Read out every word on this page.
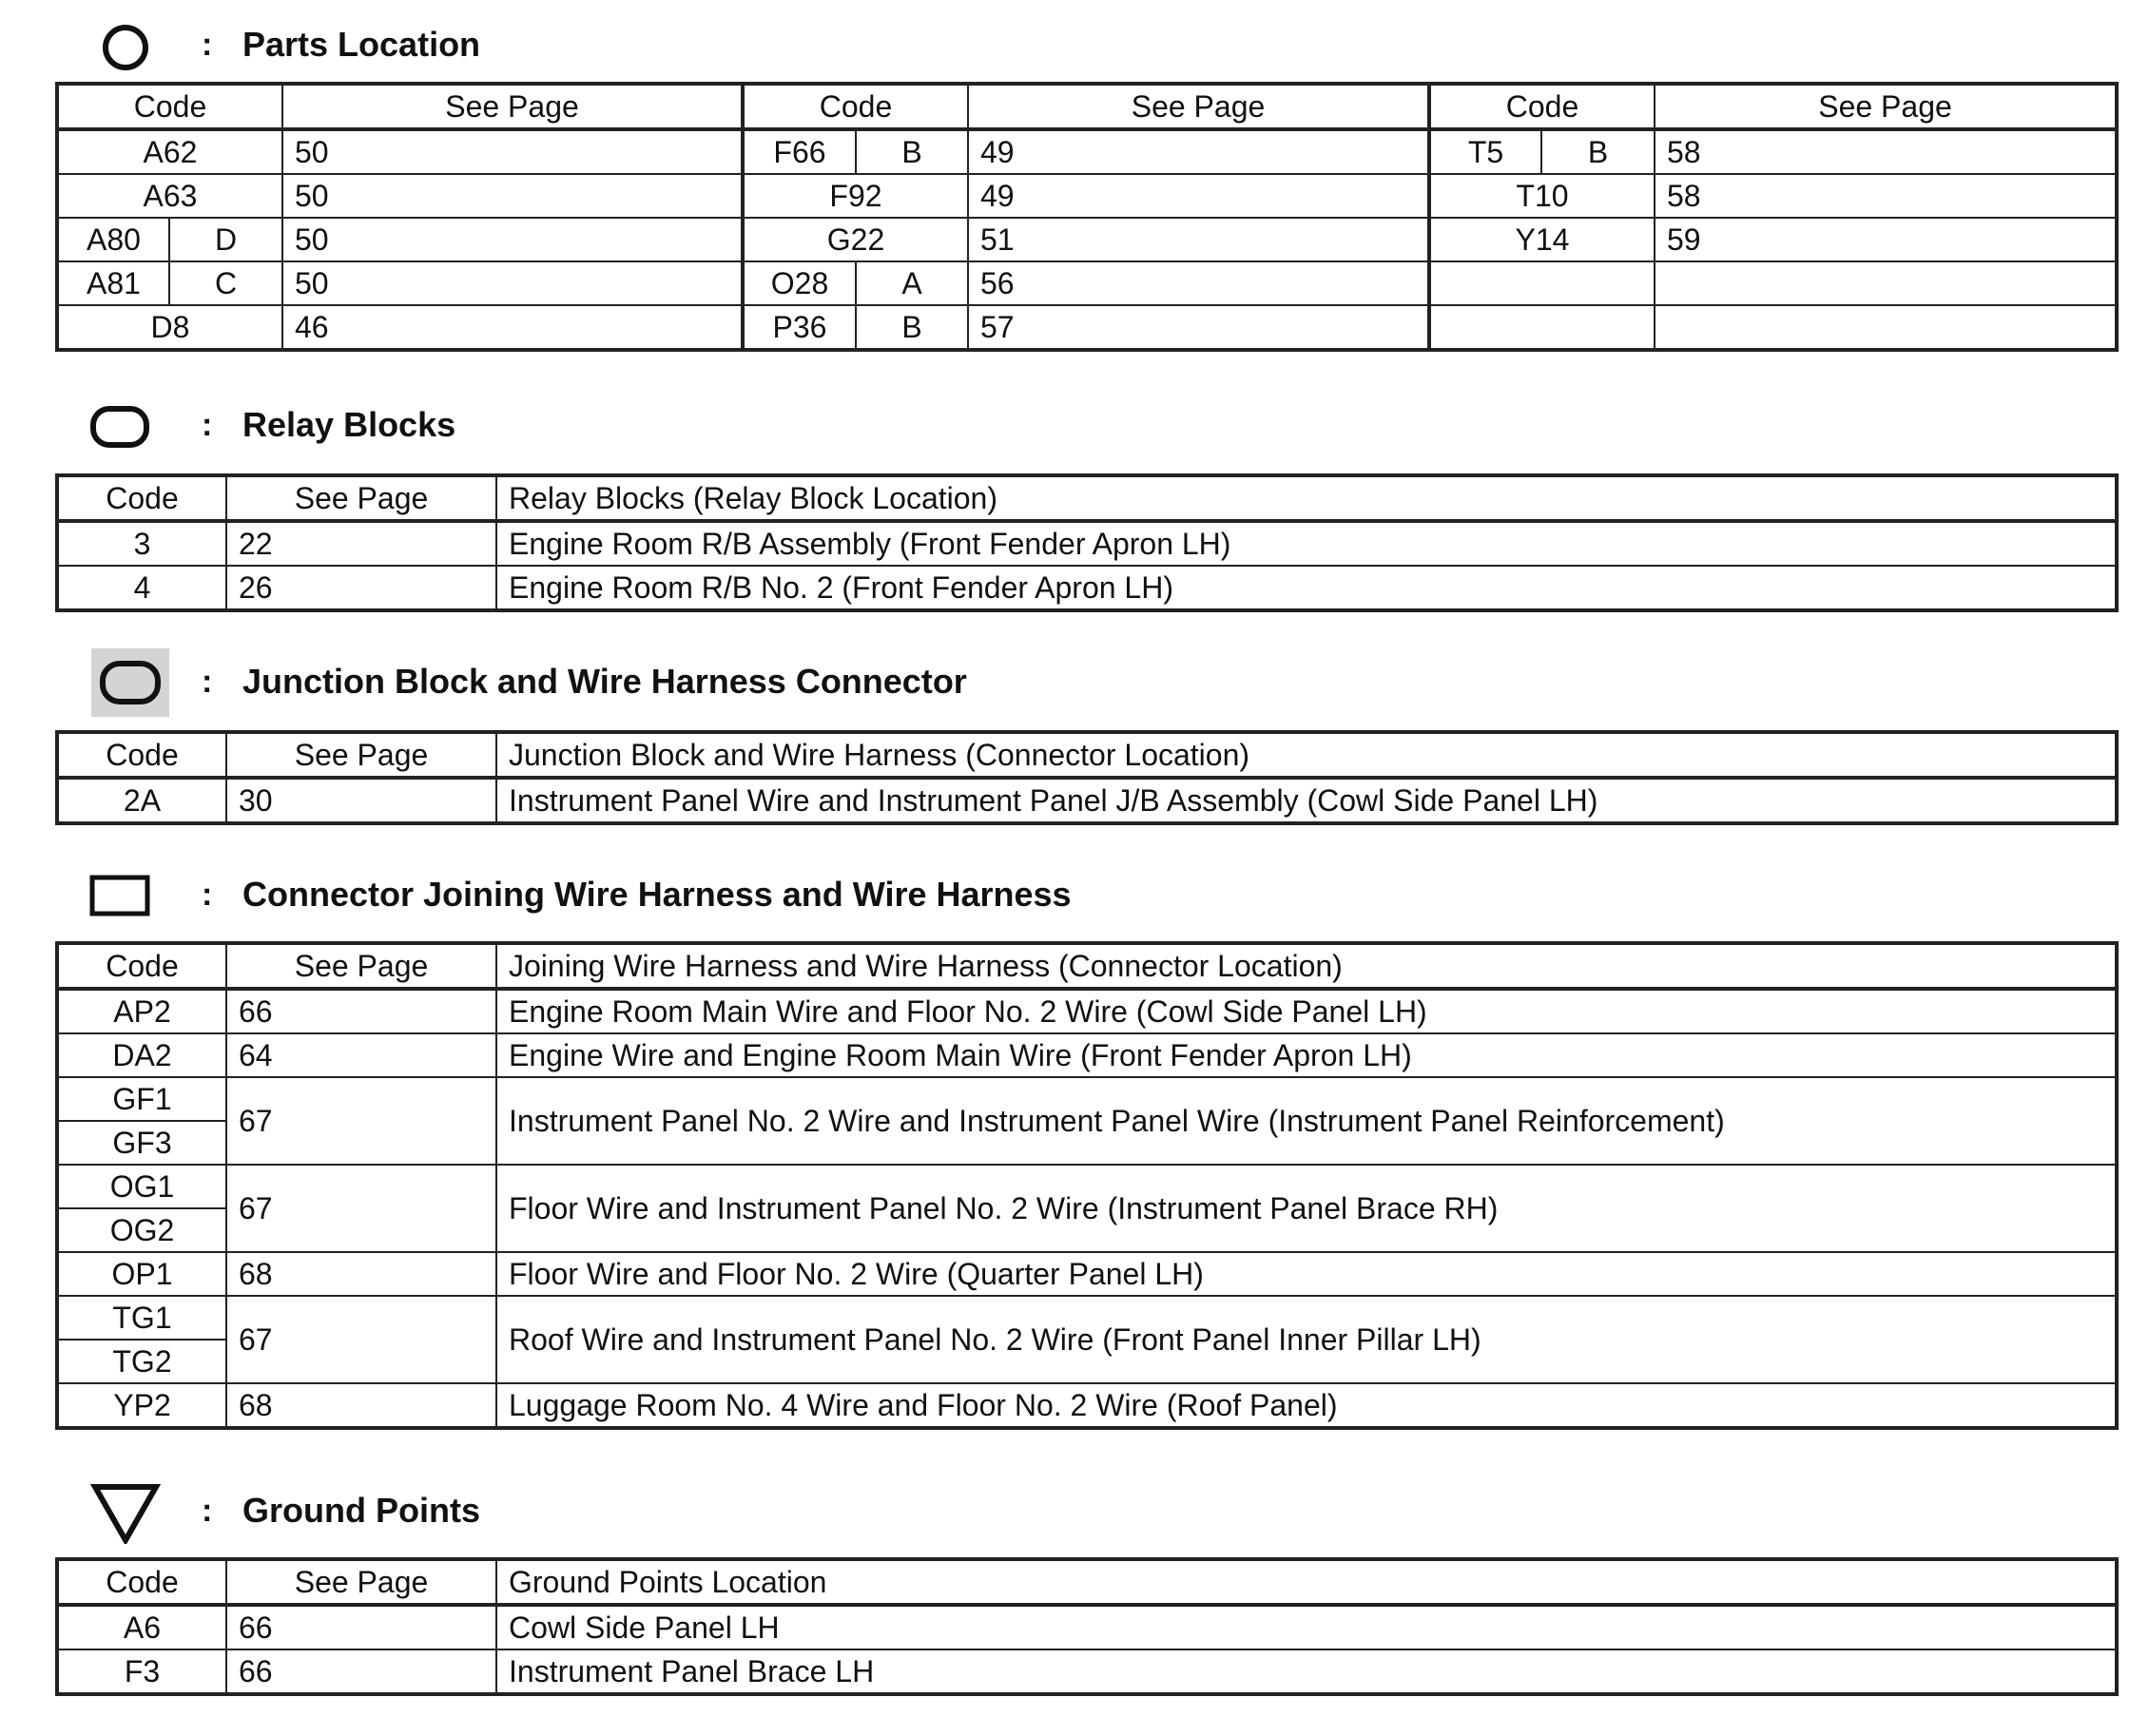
: Parts Location
Code		See Page	Code		See Page	Code		See Page
A62		50	F66	B	49	T5	B	58
A63		50	F92		49	T10		58
A80	D	50	G22		51	Y14		59
A81	C	50	O28	A	56			
D8		46	P36	B	57			
: Relay Blocks
Code	See Page	Relay Blocks (Relay Block Location)
3	22	Engine Room R/B Assembly (Front Fender Apron LH)
4	26	Engine Room R/B No. 2 (Front Fender Apron LH)
: Junction Block and Wire Harness Connector
Code	See Page	Junction Block and Wire Harness (Connector Location)
2A	30	Instrument Panel Wire and Instrument Panel J/B Assembly (Cowl Side Panel LH)
: Connector Joining Wire Harness and Wire Harness
Code	See Page	Joining Wire Harness and Wire Harness (Connector Location)
AP2	66	Engine Room Main Wire and Floor No. 2 Wire (Cowl Side Panel LH)
DA2	64	Engine Wire and Engine Room Main Wire (Front Fender Apron LH)
GF1	67	Instrument Panel No. 2 Wire and Instrument Panel Wire (Instrument Panel Reinforcement)
GF3		
OG1	67	Floor Wire and Instrument Panel No. 2 Wire (Instrument Panel Brace RH)
OG2		
OP1	68	Floor Wire and Floor No. 2 Wire (Quarter Panel LH)
TG1	67	Roof Wire and Instrument Panel No. 2 Wire (Front Panel Inner Pillar LH)
TG2		
YP2	68	Luggage Room No. 4 Wire and Floor No. 2 Wire (Roof Panel)
: Ground Points
Code	See Page	Ground Points Location
A6	66	Cowl Side Panel LH
F3	66	Instrument Panel Brace LH
